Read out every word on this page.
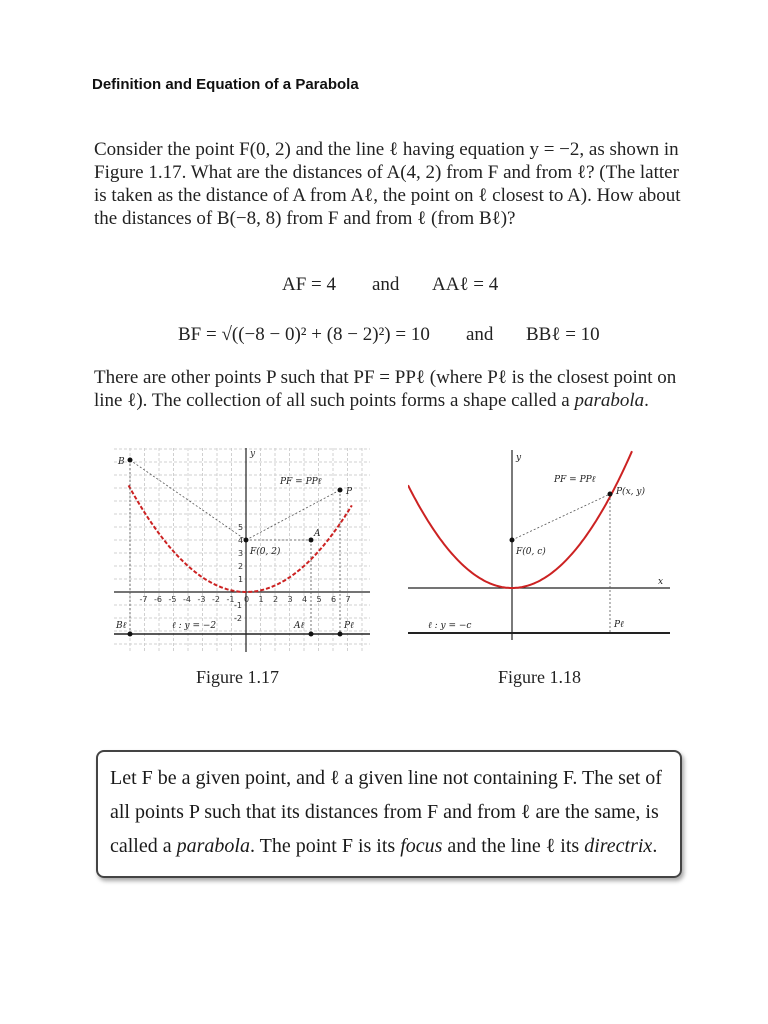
Definition and Equation of a Parabola
Consider the point F(0, 2) and the line ℓ having equation y = −2, as shown in
Figure 1.17. What are the distances of A(4, 2) from F and from ℓ? (The latter
is taken as the distance of A from Aℓ, the point on ℓ closest to A). How about
the distances of B(−8, 8) from F and from ℓ (from Bℓ)?
AF = 4 and AAℓ = 4
BF = √((−8 − 0)² + (8 − 2)²) = 10 and BBℓ = 10
There are other points P such that PF = PPℓ (where Pℓ is the closest point on
line ℓ). The collection of all such points forms a shape called a parabola.
-7 -6 -5 -4 -3 -2 -1 0 1 2 3 4 5 6 7
5
4
3
2
1
-1
-2
y
B
P
A
F(0, 2)
PF = PPℓ
Bℓ	ℓ : y = −2	Aℓ	Pℓ
Figure 1.17
y
x
PF = PPℓ
P(x, y)
F(0, c)
ℓ : y = −c	Pℓ
Figure 1.18
Let F be a given point, and ℓ a given line not containing F. The set of
all points P such that its distances from F and from ℓ are the same, is
called a parabola. The point F is its focus and the line ℓ its directrix.
